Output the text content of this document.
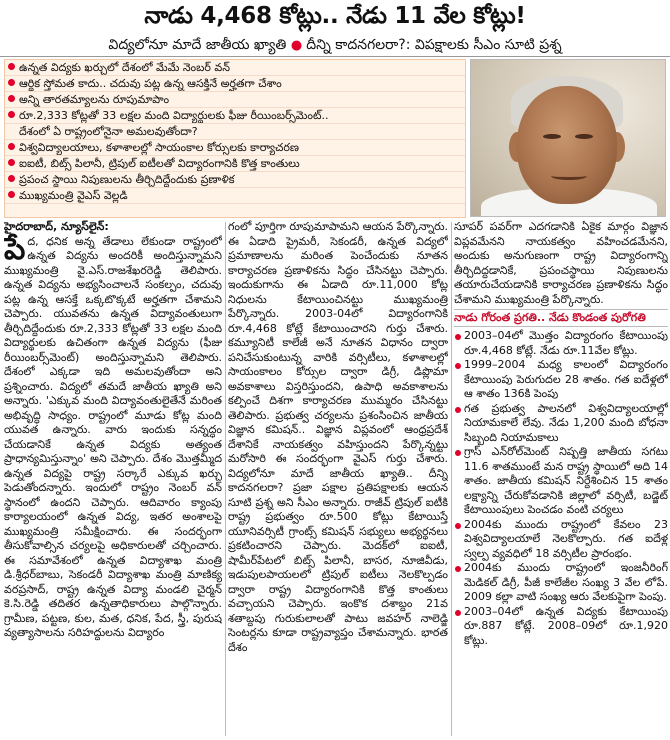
నాడు 4,468 కోట్లు.. నేడు 11 వేల కోట్లు!
విద్యలోనూ మాదే జాతీయ ఖ్యాతి ● దీన్ని కాదనగలరా?: విపక్షాలకు సీఎం సూటి ప్రశ్న
ఉన్నత విద్యకు ఖర్చులో దేశంలో మేమే నెంబర్ వన్
ఆర్థిక స్తోమత కాదు.. చదువు పట్ల ఉన్న ఆసక్తినే అర్హతగా చేశాం
అన్ని తారతమ్యాలను రూపుమాపాం
రూ.2,333 కోట్లతో 33 లక్షల మంది విద్యార్థులకు ఫీజు రీయింబర్స్‌మెంట్..
దేశంలో ఏ రాష్ట్రంలోనైనా అమలవుతోందా?
విశ్వవిద్యాలయాలు, కళాశాలల్లో సాయంకాల కోర్సులకు కార్యాచరణ
ఐఐటీ, బిట్స్ పిలానీ, ట్రిపుల్ ఐటీలతో విద్యారంగానికి కొత్త కాంతులు
ప్రపంచ స్థాయి నిపుణులను తీర్చిదిద్దేందుకు ప్రణాళిక
ముఖ్యమంత్రి వైఎస్ వెల్లడి

హైదరాబాద్, న్యూస్‌లైన్:

పేద, ధనిక అన్న తేడాలు లేకుండా రాష్ట్రంలో ఉన్నత విద్యను అందరికీ అందిస్తున్నామని ముఖ్యమంత్రి వై.ఎస్.రాజశేఖరరెడ్డి తెలిపారు. ఉన్నత విద్యను అభ్యసించాలనే సంకల్పం, చదువు పట్ల ఉన్న ఆసక్తే ఒక్కటొక్కటే అర్హతగా చేశామని చెప్పారు. యువతను ఉన్నత విద్యావంతులుగా తీర్చిదిద్దేందుకు రూ.2,333 కోట్లతో 33 లక్షల మంది విద్యార్థులకు ఉచితంగా ఉన్నత విద్యను (ఫీజు రీయింబర్స్‌మెంట్) అందిస్తున్నామని తెలిపారు. దేశంలో ఎక్కడా ఇది అమలవుతోందా అని ప్రశ్నించారు. విద్యలో తమదే జాతీయ ఖ్యాతి అని అన్నారు. 'ఎక్కువ మంది విద్యావంతులైతేనే మరింత అభివృద్ధి సాధ్యం. రాష్ట్రంలో మూడు కోట్ల మంది యువత ఉన్నారు. వారు ఇందుకు సన్నద్ధం చేయడానికే ఉన్నత విద్యకు అత్యంత ప్రాధాన్యమిస్తున్నాం' అని చెప్పారు. దేశం మొత్తమ్మీద ఉన్నత విద్యపై రాష్ట్ర సర్కారే ఎక్కువ ఖర్చు పెడుతోందన్నారు. ఇందులో రాష్ట్రం నెంబర్ వన్ స్థానంలో ఉందని చెప్పారు. ఆదివారం క్యాంపు కార్యాలయంలో ఉన్నత విద్య, ఇతర అంశాలపై ముఖ్యమంత్రి సమీక్షించారు. ఈ సందర్భంగా తీసుకోవాల్సిన చర్యలపై అధికారులతో చర్చించారు. ఈ సమావేశంలో ఉన్నత విద్యాశాఖ మంత్రి డి.శ్రీధర్‌బాబు, సెకండరీ విద్యాశాఖ మంత్రి మాణిక్య వరప్రసాద్, రాష్ట్ర ఉన్నత విద్యా మండలి చైర్మన్ కె.సి.రెడ్డి తదితర ఉన్నతాధికారులు పాల్గొన్నారు. గ్రామీణ, పట్టణ, కుల, మత, ధనిక, పేద, స్త్రీ, పురుష వ్యత్యాసాలను సరిహద్దులను విద్యారం

గంలో పూర్తిగా రూపుమాపామని ఆయన పేర్కొన్నారు. ఈ ఏడాది ప్రైమరీ, సెకండరీ, ఉన్నత విద్యలో ప్రమాణాలను మరింత పెంచేందుకు నూతన కార్యాచరణ ప్రణాళికను సిద్ధం చేసినట్టు చెప్పారు. ఇందుకుగాను ఈ ఏడాది రూ.11,000 కోట్ల నిధులను కేటాయించినట్టు ముఖ్యమంత్రి పేర్కొన్నారు. 2003-04లో విద్యారంగానికి రూ.4,468 కోట్లే కేటాయించారని గుర్తు చేశారు. కమ్యూనిటీ కాలేజీ అనే నూతన విధానం ద్వారా పనిచేసుకుంటున్న వారికి వర్సిటీలు, కళాశాలల్లో సాయంకాలం కోర్సుల ద్వారా డిగ్రీ, డిప్లొమా అవకాశాలు విస్తరిస్తుందని, ఉపాధి అవకాశాలను కల్పించే దిశగా కార్యాచరణ ముమ్మరం చేసినట్టు తెలిపారు. ప్రభుత్వ చర్యలను ప్రశంసించిన జాతీయ విజ్ఞాన కమిషన్.. విజ్ఞాన విప్లవంలో ఆంధ్రప్రదేశ్ దేశానికే నాయకత్వం వహిస్తుందని పేర్కొన్నట్టు మరోసారి ఈ సందర్భంగా వైఎస్ గుర్తు చేశారు. విద్యలోనూ మాదే జాతీయ ఖ్యాతి.. దీన్ని కాదనగలరా? ప్రజా పక్షాల ప్రతిపక్షాలకు ఆయన సూటి ప్రశ్న అని సీఎం అన్నారు. రాజీవ్ ట్రిపుల్ ఐటీకి రాష్ట్ర ప్రభుత్వం రూ.500 కోట్లు కేటాయిస్తే యూనివర్సిటీ గ్రాంట్స్ కమిషన్ సభ్యులు అభ్యర్థనలు ప్రకటించారని చెప్పారు. మెదక్‌లో ఐఐటీ, షామీర్‌పేటలో బిట్స్ పిలానీ, బాసర, నూజివీడు, ఇడుపులపాయలలో ట్రిపుల్ ఐటీలు నెలకొల్పడం ద్వారా రాష్ట్ర విద్యారంగానికి కొత్త కాంతులు వచ్చాయని చెప్పారు. ఇంకొక దశాబ్దం 21వ శతాబ్దపు గురుకులాలతో పాటు జవహర్ నాలెడ్జి సెంటర్లను కూడా రాష్ట్రవ్యాప్తం చేశామన్నారు. భారత దేశం

సూపర్ పవర్‌గా ఎదగడానికి ఏకైక మార్గం విజ్ఞాన విప్లవమేనని నాయకత్వం వహించడమేనని, అందుకు అనుగుణంగా రాష్ట్ర విద్యారంగాన్ని తీర్చిదిద్దడానికే, ప్రపంచస్థాయి నిపుణులను తయారుచేయడానికి కార్యాచరణ ప్రణాళికను సిద్ధం చేశామని ముఖ్యమంత్రి పేర్కొన్నారు.

నాడు గోరంత ప్రగతి.. నేడు కొండంత పురోగతి

2003–04లో మొత్తం విద్యారంగం కేటాయింపు రూ.4,468 కోట్లే. నేడు రూ.11వేల కోట్లు.

1999–2004 మధ్య కాలంలో విద్యారంగం కేటాయింపు పెరుగుదల 28 శాతం. గత ఐదేళ్లలో ఆ శాతం 136కి పెంపు

గత ప్రభుత్వ పాలనలో విశ్వవిద్యాలయాల్లో నియామకాలే లేవు. నేడు 1,200 మంది బోధనా సిబ్బంది నియామకాలు

గ్రాస్ ఎన్‌రోల్‌మెంట్ నిష్పత్తి జాతీయ సగటు 11.6 శాతముంటే మన రాష్ట్ర స్థాయిలో అది 14 శాతం. జాతీయ కమిషన్ నిర్దేశించిన 15 శాతం లక్ష్యాన్ని చేరుకోవడానికి జిల్లాలో వర్సిటీ, బడ్జెట్ కేటాయింపులు పెంచడం వంటి చర్యలు

2004కు ముందు రాష్ట్రంలో కేవలం 23 విశ్వవిద్యాలయాలే నెలకొల్పారు. గత ఐదేళ్ల స్వల్ప వ్యవధిలో 18 వర్సిటీల ప్రారంభం.

2004కు ముందు రాష్ట్రంలో ఇంజనీరింగ్ మెడికల్ డిగ్రీ, పీజీ కాలేజీల సంఖ్య 3 వేల లోపే. 2009 కల్లా వాటి సంఖ్య ఆరు వేలకుపైగా పెంపు.

2003–04లో ఉన్నత విద్యకు కేటాయింపు రూ.887 కోట్లే. 2008–09లో రూ.1,920 కోట్లు.
